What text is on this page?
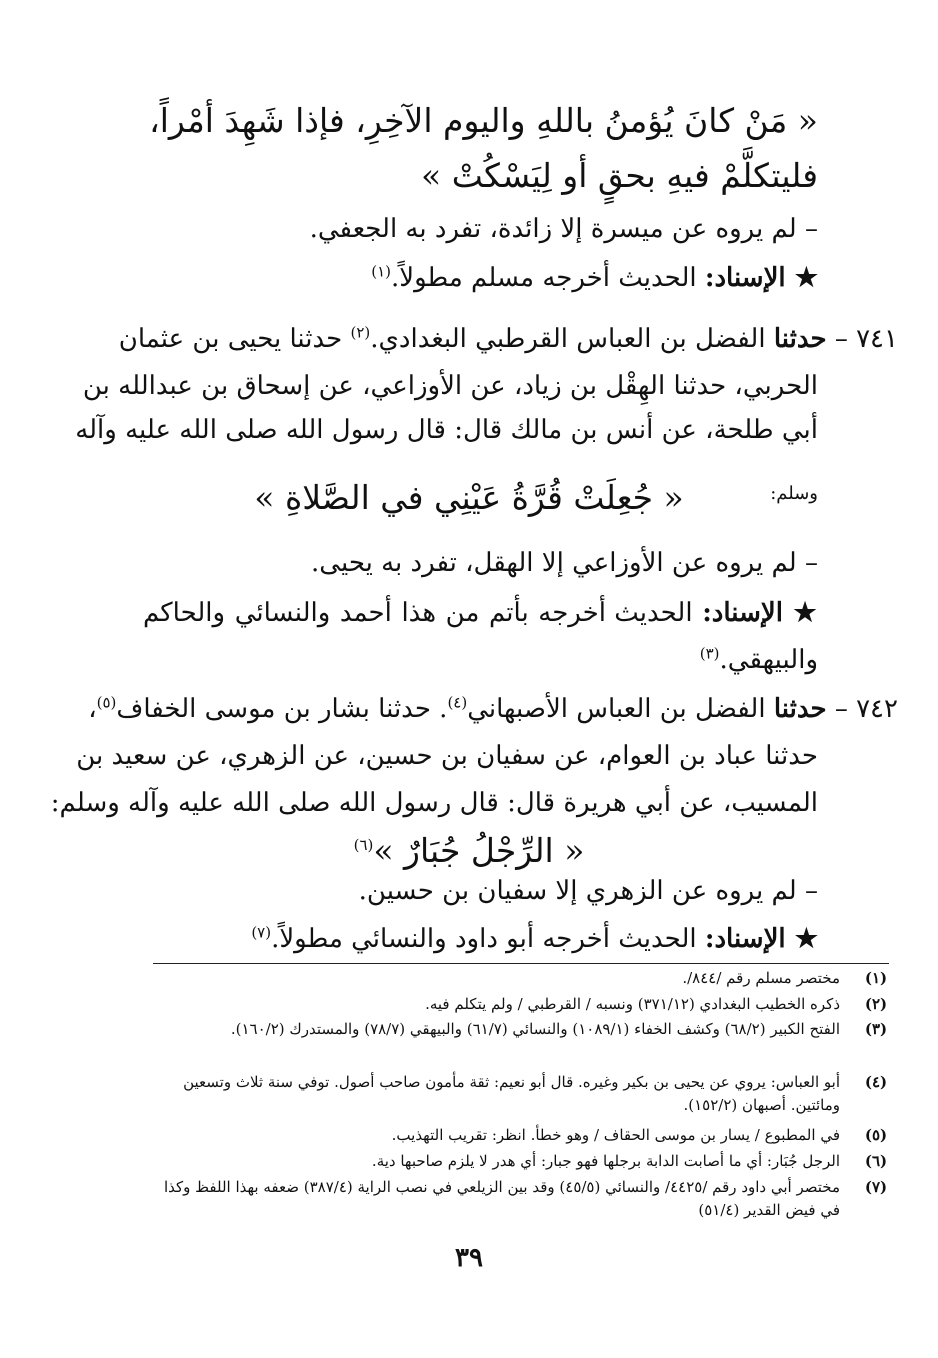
« مَنْ كانَ يُؤمنُ باللهِ واليوم الآخِرِ، فإذا شَهِدَ أمْراً،
فليتكلَّمْ فيهِ بحقٍ أو لِيَسْكُتْ »
– لم يروه عن ميسرة إلا زائدة، تفرد به الجعفي.
★ الإسناد: الحديث أخرجه مسلم مطولاً.$^{(١)}$
٧٤١ – حدثنا الفضل بن العباس القرطبي البغدادي.$^{(٢)}$ حدثنا يحيى بن عثمان
الحربي، حدثنا الهِقْل بن زياد، عن الأوزاعي، عن إسحاق بن عبدالله بن
أبي طلحة، عن أنس بن مالك قال: قال رسول الله صلى الله عليه وآله
وسلم:
« جُعِلَتْ قُرَّةُ عَيْنِي في الصَّلاةِ »
– لم يروه عن الأوزاعي إلا الهقل، تفرد به يحيى.
★ الإسناد: الحديث أخرجه بأتم من هذا أحمد والنسائي والحاكم
والبيهقي.$^{(٣)}$
٧٤٢ – حدثنا الفضل بن العباس الأصبهاني$^{(٤)}$. حدثنا بشار بن موسى الخفاف$^{(٥)}$،
حدثنا عباد بن العوام، عن سفيان بن حسين، عن الزهري، عن سعيد بن
المسيب، عن أبي هريرة قال: قال رسول الله صلى الله عليه وآله وسلم:
« الرِّجْلُ جُبَارٌ »$^{(٦)}$
– لم يروه عن الزهري إلا سفيان بن حسين.
★ الإسناد: الحديث أخرجه أبو داود والنسائي مطولاً.$^{(٧)}$
(١)
مختصر مسلم رقم /٨٤٤/.
(٢)
ذكره الخطيب البغدادي (٣٧١/١٢) ونسبه / القرطبي / ولم يتكلم فيه.
(٣)
الفتح الكبير (٦٨/٢) وكشف الخفاء (١٠٨٩/١) والنسائي (٦١/٧) والبيهقي (٧٨/٧) والمستدرك (١٦٠/٢).
(٤)
أبو العباس: يروي عن يحيى بن بكير وغيره. قال أبو نعيم: ثقة مأمون صاحب أصول. توفي سنة ثلاث وتسعين ومائتين. أصبهان (١٥٢/٢).
(٥)
في المطبوع / يسار بن موسى الحقاف / وهو خطأ. انظر: تقريب التهذيب.
(٦)
الرجل جُبَار: أي ما أصابت الدابة برجلها فهو جبار: أي هدر لا يلزم صاحبها دية.
(٧)
مختصر أبي داود رقم /٤٤٢٥/ والنسائي (٤٥/٥) وقد بين الزيلعي في نصب الراية (٣٨٧/٤) ضعفه بهذا اللفظ وكذا في فيض القدير (٥١/٤)
٣٩
